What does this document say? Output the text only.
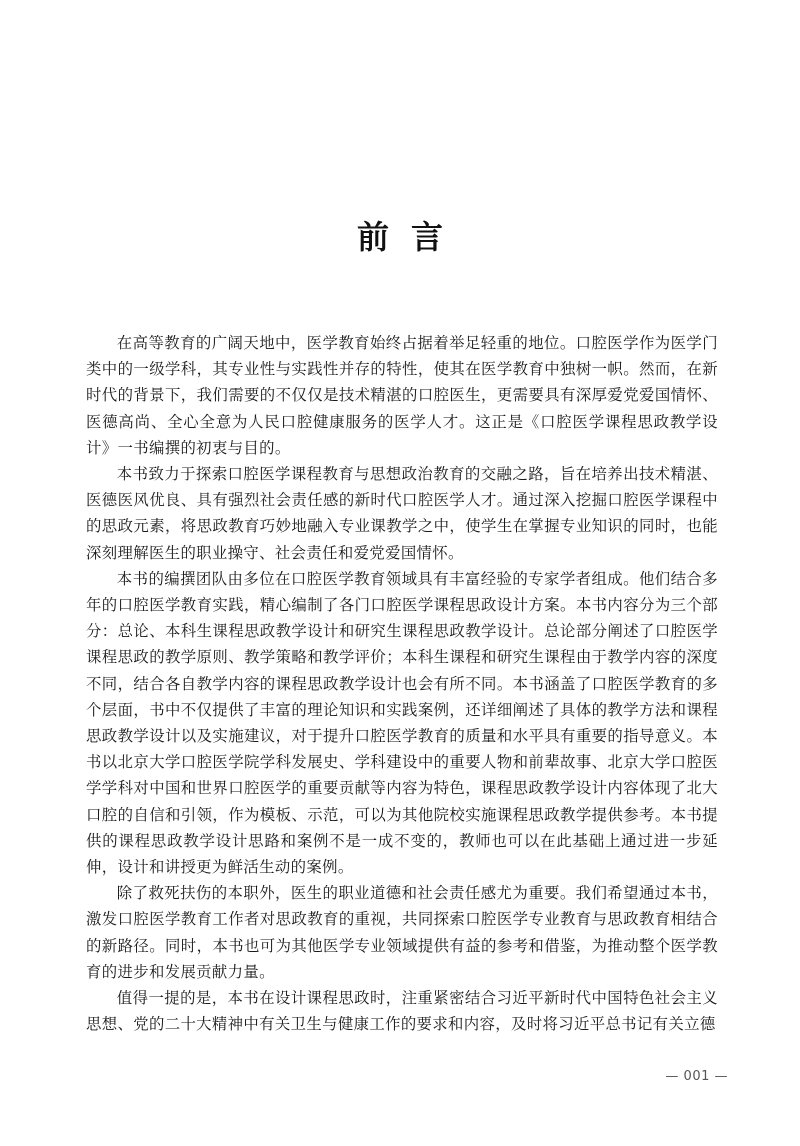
前言

在高等教育的广阔天地中，医学教育始终占据着举足轻重的地位。口腔医学作为医学门类中的一级学科，其专业性与实践性并存的特性，使其在医学教育中独树一帜。然而，在新时代的背景下，我们需要的不仅仅是技术精湛的口腔医生，更需要具有深厚爱党爱国情怀、医德高尚、全心全意为人民口腔健康服务的医学人才。这正是《口腔医学课程思政教学设计》一书编撰的初衷与目的。

本书致力于探索口腔医学课程教育与思想政治教育的交融之路，旨在培养出技术精湛、医德医风优良、具有强烈社会责任感的新时代口腔医学人才。通过深入挖掘口腔医学课程中的思政元素，将思政教育巧妙地融入专业课教学之中，使学生在掌握专业知识的同时，也能深刻理解医生的职业操守、社会责任和爱党爱国情怀。

本书的编撰团队由多位在口腔医学教育领域具有丰富经验的专家学者组成。他们结合多年的口腔医学教育实践，精心编制了各门口腔医学课程思政设计方案。本书内容分为三个部分：总论、本科生课程思政教学设计和研究生课程思政教学设计。总论部分阐述了口腔医学课程思政的教学原则、教学策略和教学评价；本科生课程和研究生课程由于教学内容的深度不同，结合各自教学内容的课程思政教学设计也会有所不同。本书涵盖了口腔医学教育的多个层面，书中不仅提供了丰富的理论知识和实践案例，还详细阐述了具体的教学方法和课程思政教学设计以及实施建议，对于提升口腔医学教育的质量和水平具有重要的指导意义。本书以北京大学口腔医学院学科发展史、学科建设中的重要人物和前辈故事、北京大学口腔医学学科对中国和世界口腔医学的重要贡献等内容为特色，课程思政教学设计内容体现了北大口腔的自信和引领，作为模板、示范，可以为其他院校实施课程思政教学提供参考。本书提供的课程思政教学设计思路和案例不是一成不变的，教师也可以在此基础上通过进一步延伸，设计和讲授更为鲜活生动的案例。

除了救死扶伤的本职外，医生的职业道德和社会责任感尤为重要。我们希望通过本书，激发口腔医学教育工作者对思政教育的重视，共同探索口腔医学专业教育与思政教育相结合的新路径。同时，本书也可为其他医学专业领域提供有益的参考和借鉴，为推动整个医学教育的进步和发展贡献力量。

值得一提的是，本书在设计课程思政时，注重紧密结合习近平新时代中国特色社会主义思想、党的二十大精神中有关卫生与健康工作的要求和内容，及时将习近平总书记有关立德

— 001 —
